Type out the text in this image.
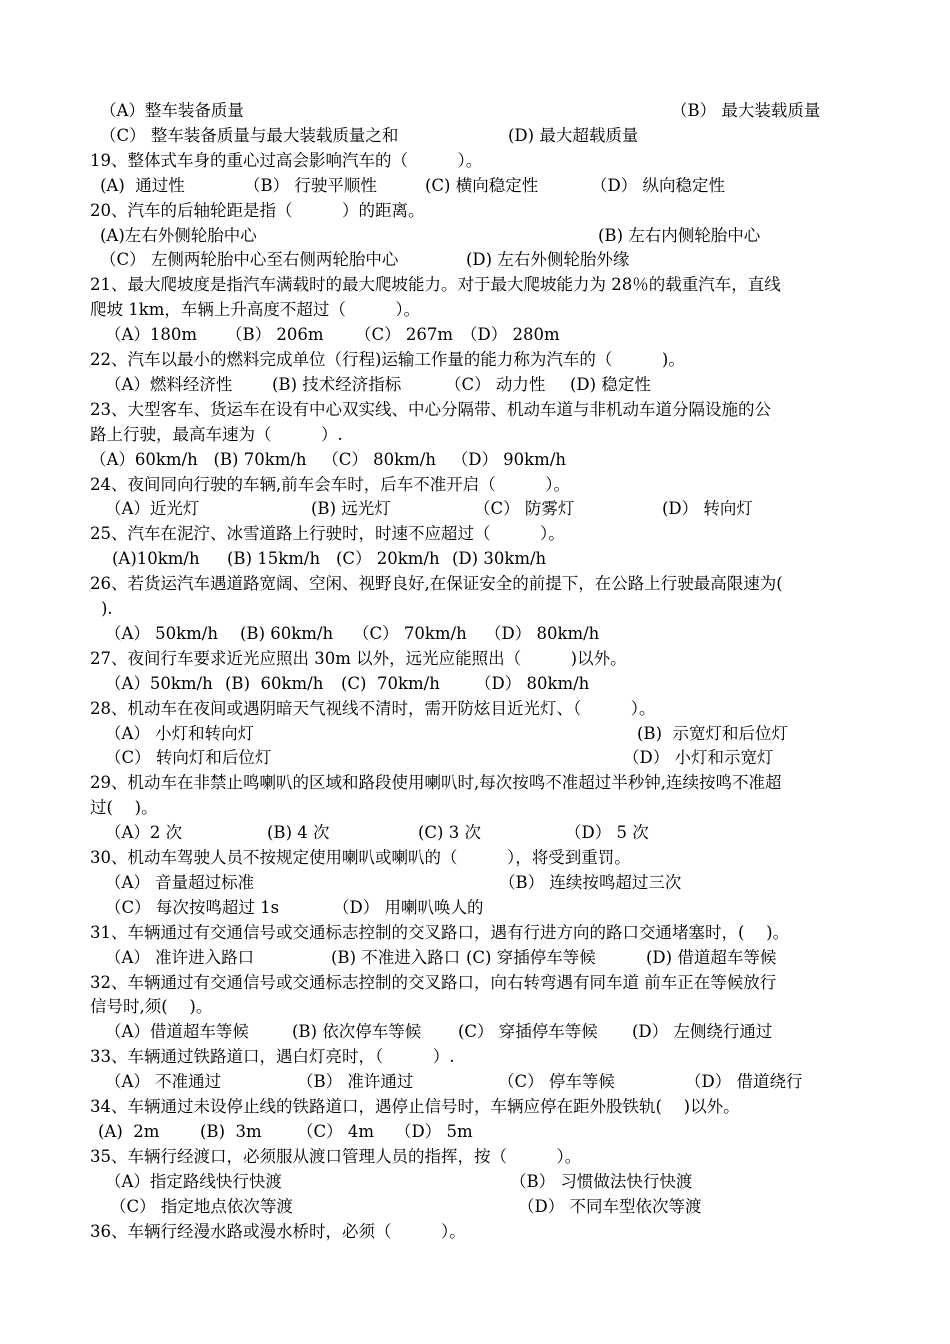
（A）整车装备质量	（B） 最大装载质量
（C） 整车装备质量与最大装载质量之和	(D) 最大超载质量
19、整体式车身的重心过高会影响汽车的（　　　）。
(A)  通过性	（B） 行驶平顺性	(C) 横向稳定性	（D） 纵向稳定性
20、汽车的后轴轮距是指（　　　）的距离。
(A)左右外侧轮胎中心	(B) 左右内侧轮胎中心
（C） 左侧两轮胎中心至右侧两轮胎中心	(D) 左右外侧轮胎外缘
21、最大爬坡度是指汽车满载时的最大爬坡能力。对于最大爬坡能力为 28％的载重汽车，直线
爬坡 1km，车辆上升高度不超过（　　　）。
（A）180m （B） 206m （C） 267m （D） 280m
22、汽车以最小的燃料完成单位（行程)运输工作量的能力称为汽车的（　　　)。
（A）燃料经济性 (B) 技术经济指标	（C） 动力性 (D) 稳定性
23、大型客车、货运车在设有中心双实线、中心分隔带、机动车道与非机动车道分隔设施的公
路上行驶，最高车速为（　　　）.
（A）60km/h   (B) 70km/h   （C） 80km/h   （D） 90km/h
24、夜间同向行驶的车辆,前车会车时，后车不准开启（　　　）。
（A）近光灯	(B) 远光灯	（C） 防雾灯	(D） 转向灯
25、汽车在泥泞、冰雪道路上行驶时，时速不应超过（　　　）。
(A)10km/h (B) 15km/h (C） 20km/h (D) 30km/h
26、若货运汽车遇道路宽阔、空闲、视野良好,在保证安全的前提下，在公路上行驶最高限速为(
).
（A） 50km/h (B) 60km/h （C） 70km/h （D） 80km/h
27、夜间行车要求近光应照出 30m 以外，远光应能照出（　　　)以外。
（A）50km/h (B)  60km/h (C)  70km/h （D） 80km/h
28、机动车在夜间或遇阴暗天气视线不清时，需开防炫目近光灯、（　　　）。
（A） 小灯和转向灯	(B)  示宽灯和后位灯
（C） 转向灯和后位灯	（D） 小灯和示宽灯
29、机动车在非禁止鸣喇叭的区域和路段使用喇叭时,每次按鸣不准超过半秒钟,连续按鸣不准超
过(　 )。
（A）2 次	(B) 4 次	(C) 3 次	（D） 5 次
30、机动车驾驶人员不按规定使用喇叭或喇叭的（　　　），将受到重罚。
（A） 音量超过标准	（B） 连续按鸣超过三次
（C） 每次按鸣超过 1s	（D） 用喇叭唤人的
31、车辆通过有交通信号或交通标志控制的交叉路口，遇有行进方向的路口交通堵塞时，(　 )。
（A） 准许进入路口	(B) 不准进入路口 (C) 穿插停车等候	(D) 借道超车等候
32、车辆通过有交通信号或交通标志控制的交叉路口，向右转弯遇有同车道 前车正在等候放行
信号时,须(　 )。
（A）借道超车等候	(B) 依次停车等候 (C） 穿插停车等候 (D） 左侧绕行通过
33、车辆通过铁路道口，遇白灯亮时，（　　　）.
（A） 不准通过	（B） 准许通过	（C） 停车等候	（D） 借道绕行
34、车辆通过未设停止线的铁路道口，遇停止信号时，车辆应停在距外股铁轨(　 )以外。
(A)  2m (B)  3m （C） 4m （D） 5m
35、车辆行经渡口，必须服从渡口管理人员的指挥，按（　　　）。
（A）指定路线快行快渡	（B） 习惯做法快行快渡
（C） 指定地点依次等渡	（D） 不同车型依次等渡
36、车辆行经漫水路或漫水桥时，必须（　　　）。
